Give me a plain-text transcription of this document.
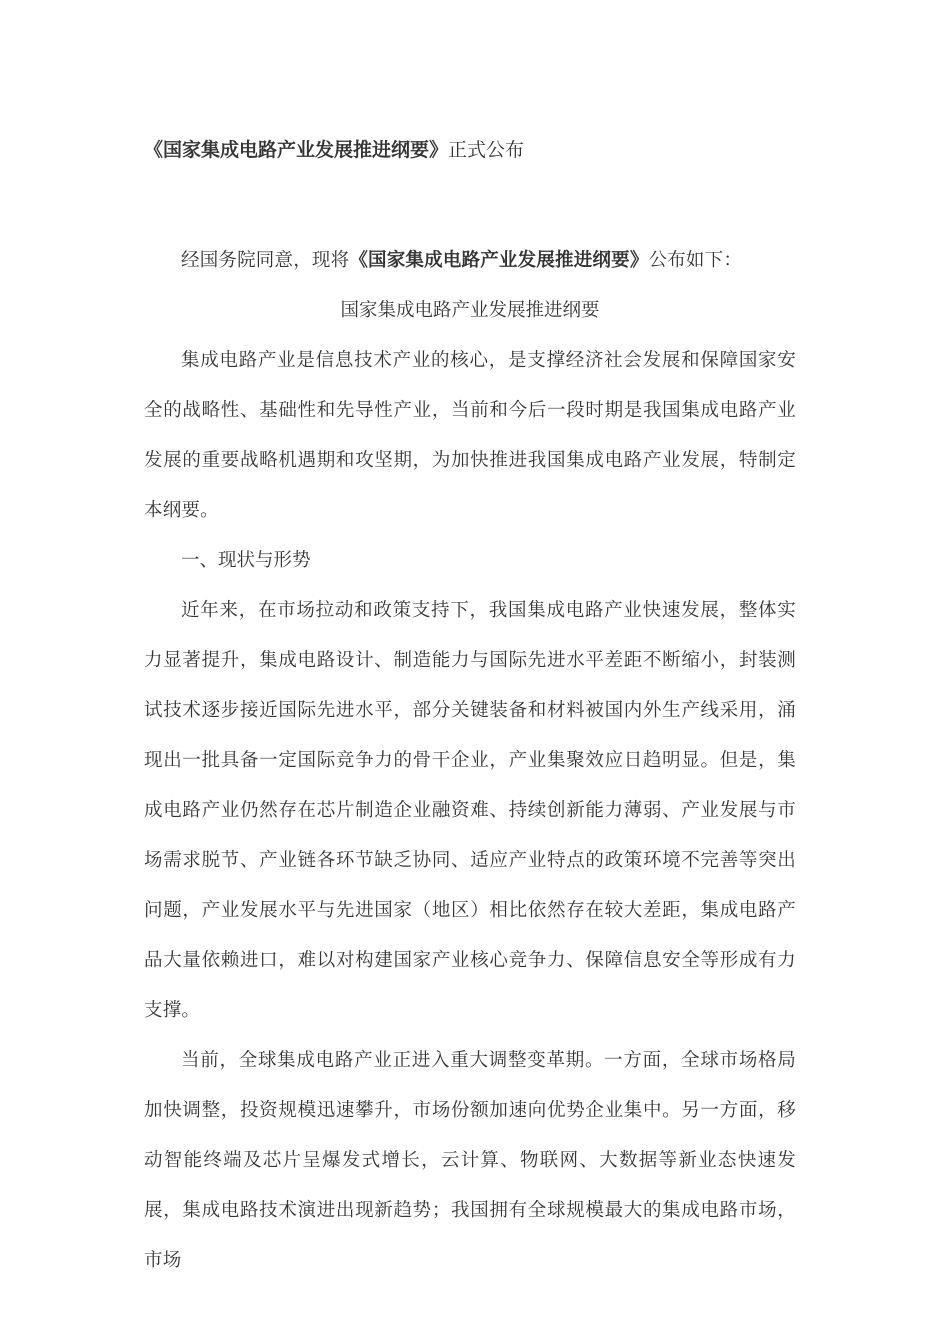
《国家集成电路产业发展推进纲要》正式公布

经国务院同意，现将《国家集成电路产业发展推进纲要》公布如下：

国家集成电路产业发展推进纲要

集成电路产业是信息技术产业的核心，是支撑经济社会发展和保障国家安全的战略性、基础性和先导性产业，当前和今后一段时期是我国集成电路产业发展的重要战略机遇期和攻坚期，为加快推进我国集成电路产业发展，特制定本纲要。

一、现状与形势

近年来，在市场拉动和政策支持下，我国集成电路产业快速发展，整体实力显著提升，集成电路设计、制造能力与国际先进水平差距不断缩小，封装测试技术逐步接近国际先进水平，部分关键装备和材料被国内外生产线采用，涌现出一批具备一定国际竞争力的骨干企业，产业集聚效应日趋明显。但是，集成电路产业仍然存在芯片制造企业融资难、持续创新能力薄弱、产业发展与市场需求脱节、产业链各环节缺乏协同、适应产业特点的政策环境不完善等突出问题，产业发展水平与先进国家（地区）相比依然存在较大差距，集成电路产品大量依赖进口，难以对构建国家产业核心竞争力、保障信息安全等形成有力支撑。

当前，全球集成电路产业正进入重大调整变革期。一方面，全球市场格局加快调整，投资规模迅速攀升，市场份额加速向优势企业集中。另一方面，移动智能终端及芯片呈爆发式增长，云计算、物联网、大数据等新业态快速发展，集成电路技术演进出现新趋势；我国拥有全球规模最大的集成电路市场，市场
